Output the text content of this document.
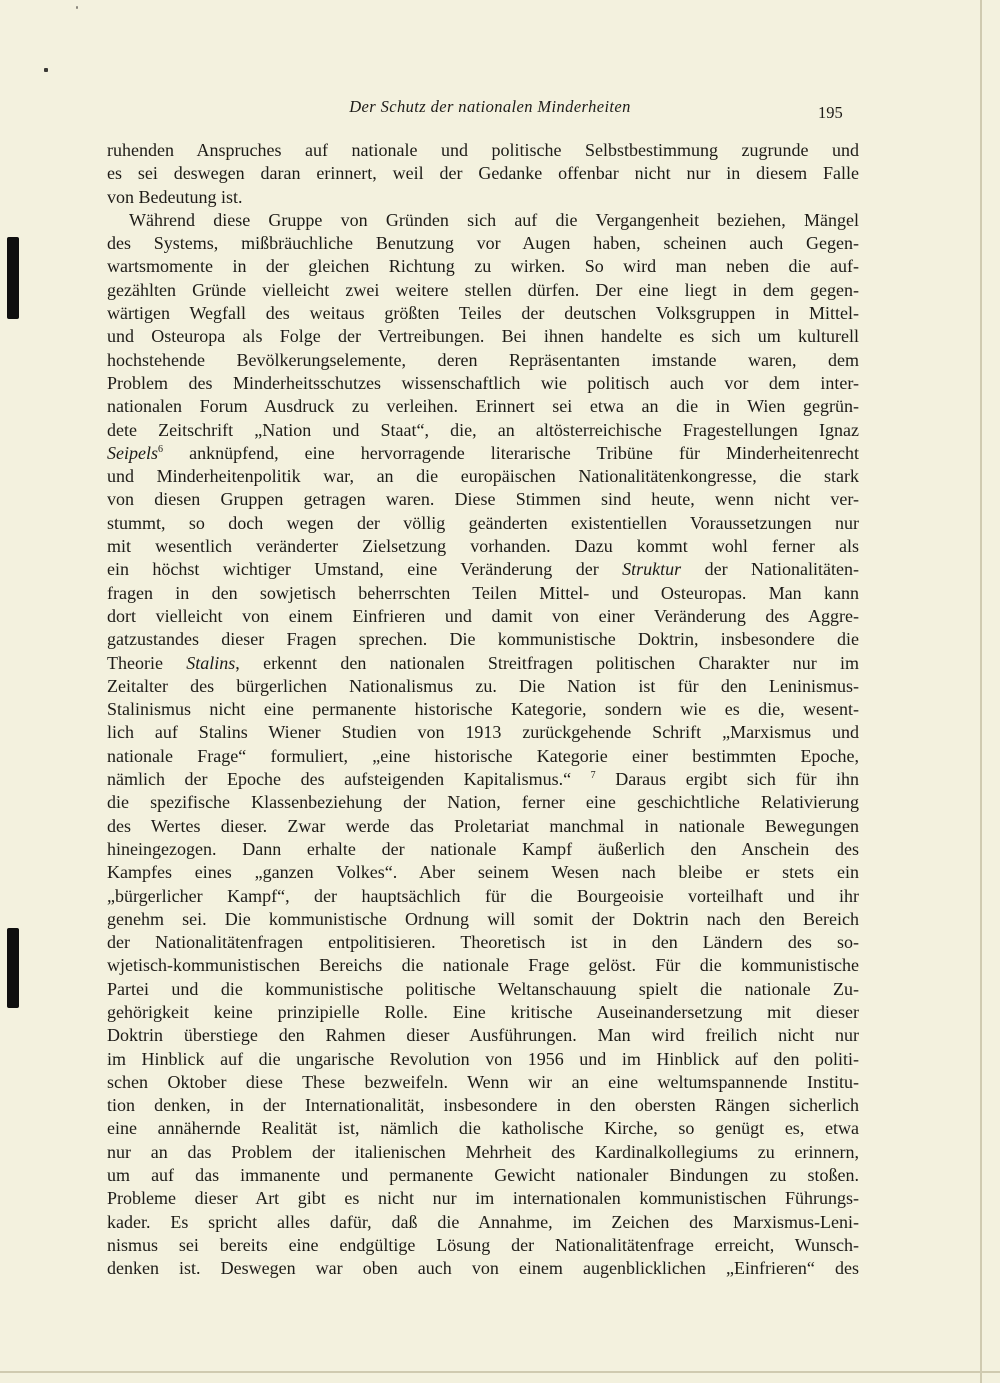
Der Schutz der nationalen Minderheiten	195
ruhenden Anspruches auf nationale und politische Selbstbestimmung zugrunde und
es sei deswegen daran erinnert, weil der Gedanke offenbar nicht nur in diesem Falle
von Bedeutung ist.
Während diese Gruppe von Gründen sich auf die Vergangenheit beziehen, Mängel
des Systems, mißbräuchliche Benutzung vor Augen haben, scheinen auch Gegen-
wartsmomente in der gleichen Richtung zu wirken. So wird man neben die auf-
gezählten Gründe vielleicht zwei weitere stellen dürfen. Der eine liegt in dem gegen-
wärtigen Wegfall des weitaus größten Teiles der deutschen Volksgruppen in Mittel-
und Osteuropa als Folge der Vertreibungen. Bei ihnen handelte es sich um kulturell
hochstehende Bevölkerungselemente, deren Repräsentanten imstande waren, dem
Problem des Minderheitsschutzes wissenschaftlich wie politisch auch vor dem inter-
nationalen Forum Ausdruck zu verleihen. Erinnert sei etwa an die in Wien gegrün-
dete Zeitschrift „Nation und Staat“, die, an altösterreichische Fragestellungen Ignaz
Seipels$^6$ anknüpfend, eine hervorragende literarische Tribüne für Minderheitenrecht
und Minderheitenpolitik war, an die europäischen Nationalitätenkongresse, die stark
von diesen Gruppen getragen waren. Diese Stimmen sind heute, wenn nicht ver-
stummt, so doch wegen der völlig geänderten existentiellen Voraussetzungen nur
mit wesentlich veränderter Zielsetzung vorhanden. Dazu kommt wohl ferner als
ein höchst wichtiger Umstand, eine Veränderung der Struktur der Nationalitäten-
fragen in den sowjetisch beherrschten Teilen Mittel- und Osteuropas. Man kann
dort vielleicht von einem Einfrieren und damit von einer Veränderung des Aggre-
gatzustandes dieser Fragen sprechen. Die kommunistische Doktrin, insbesondere die
Theorie Stalins, erkennt den nationalen Streitfragen politischen Charakter nur im
Zeitalter des bürgerlichen Nationalismus zu. Die Nation ist für den Leninismus-
Stalinismus nicht eine permanente historische Kategorie, sondern wie es die, wesent-
lich auf Stalins Wiener Studien von 1913 zurückgehende Schrift „Marxismus und
nationale Frage“ formuliert, „eine historische Kategorie einer bestimmten Epoche,
nämlich der Epoche des aufsteigenden Kapitalismus.“ $^7$ Daraus ergibt sich für ihn
die spezifische Klassenbeziehung der Nation, ferner eine geschichtliche Relativierung
des Wertes dieser. Zwar werde das Proletariat manchmal in nationale Bewegungen
hineingezogen. Dann erhalte der nationale Kampf äußerlich den Anschein des
Kampfes eines „ganzen Volkes“. Aber seinem Wesen nach bleibe er stets ein
„bürgerlicher Kampf“, der hauptsächlich für die Bourgeoisie vorteilhaft und ihr
genehm sei. Die kommunistische Ordnung will somit der Doktrin nach den Bereich
der Nationalitätenfragen entpolitisieren. Theoretisch ist in den Ländern des so-
wjetisch-kommunistischen Bereichs die nationale Frage gelöst. Für die kommunistische
Partei und die kommunistische politische Weltanschauung spielt die nationale Zu-
gehörigkeit keine prinzipielle Rolle. Eine kritische Auseinandersetzung mit dieser
Doktrin überstiege den Rahmen dieser Ausführungen. Man wird freilich nicht nur
im Hinblick auf die ungarische Revolution von 1956 und im Hinblick auf den politi-
schen Oktober diese These bezweifeln. Wenn wir an eine weltumspannende Institu-
tion denken, in der Internationalität, insbesondere in den obersten Rängen sicherlich
eine annähernde Realität ist, nämlich die katholische Kirche, so genügt es, etwa
nur an das Problem der italienischen Mehrheit des Kardinalkollegiums zu erinnern,
um auf das immanente und permanente Gewicht nationaler Bindungen zu stoßen.
Probleme dieser Art gibt es nicht nur im internationalen kommunistischen Führungs-
kader. Es spricht alles dafür, daß die Annahme, im Zeichen des Marxismus-Leni-
nismus sei bereits eine endgültige Lösung der Nationalitätenfrage erreicht, Wunsch-
denken ist. Deswegen war oben auch von einem augenblicklichen „Einfrieren“ des
